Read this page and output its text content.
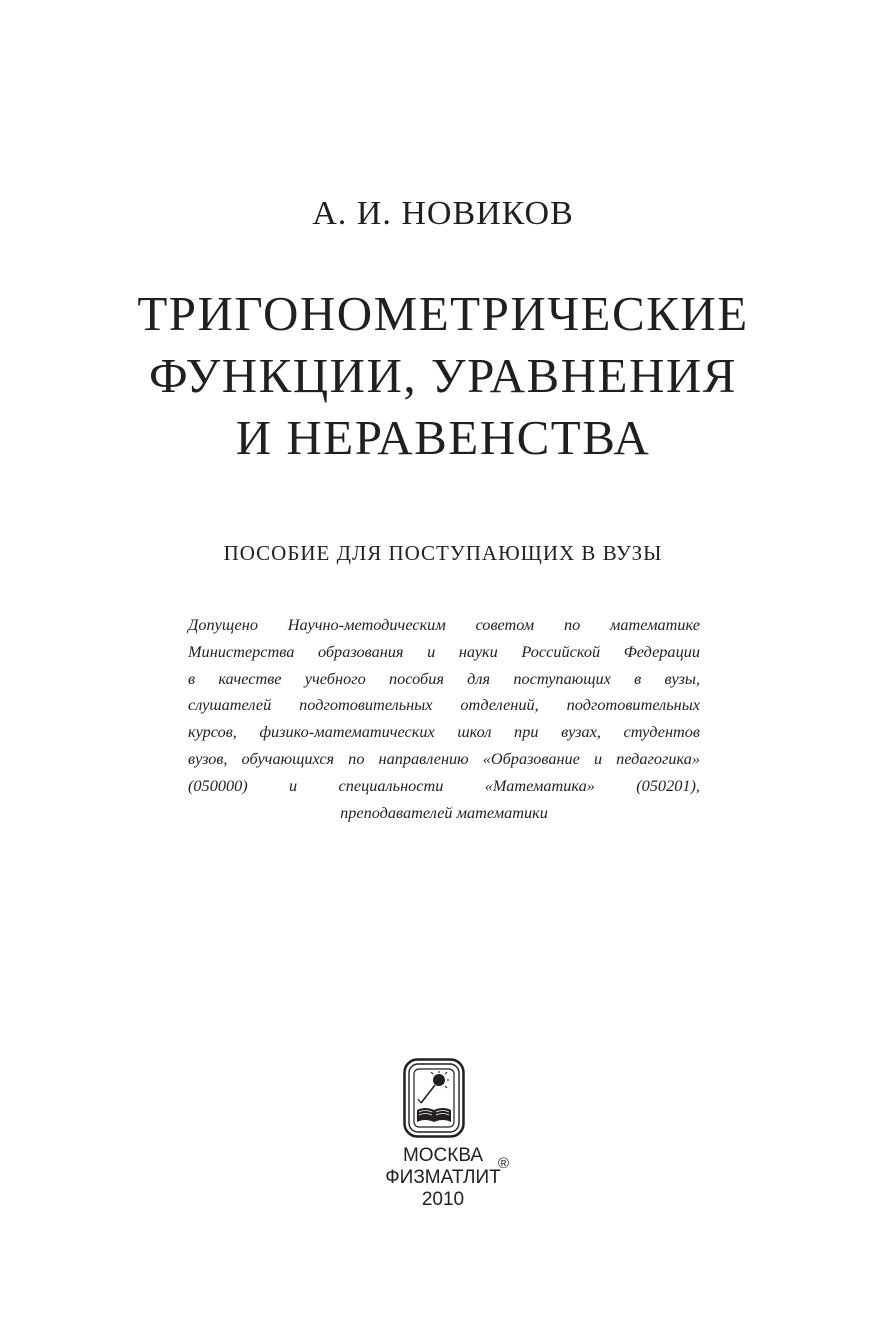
А. И. НОВИКОВ
ТРИГОНОМЕТРИЧЕСКИЕ
ФУНКЦИИ, УРАВНЕНИЯ
И НЕРАВЕНСТВА
ПОСОБИЕ ДЛЯ ПОСТУПАЮЩИХ В ВУЗЫ
Допущено Научно-методическим советом по математике
Министерства образования и науки Российской Федерации
в качестве учебного пособия для поступающих в вузы,
слушателей подготовительных отделений, подготовительных
курсов, физико-математических школ при вузах, студентов
вузов, обучающихся по направлению «Образование и педагогика»
(050000) и специальности «Математика» (050201),
преподавателей математики
МОСКВА
ФИЗМАТЛИТ
2010
®
